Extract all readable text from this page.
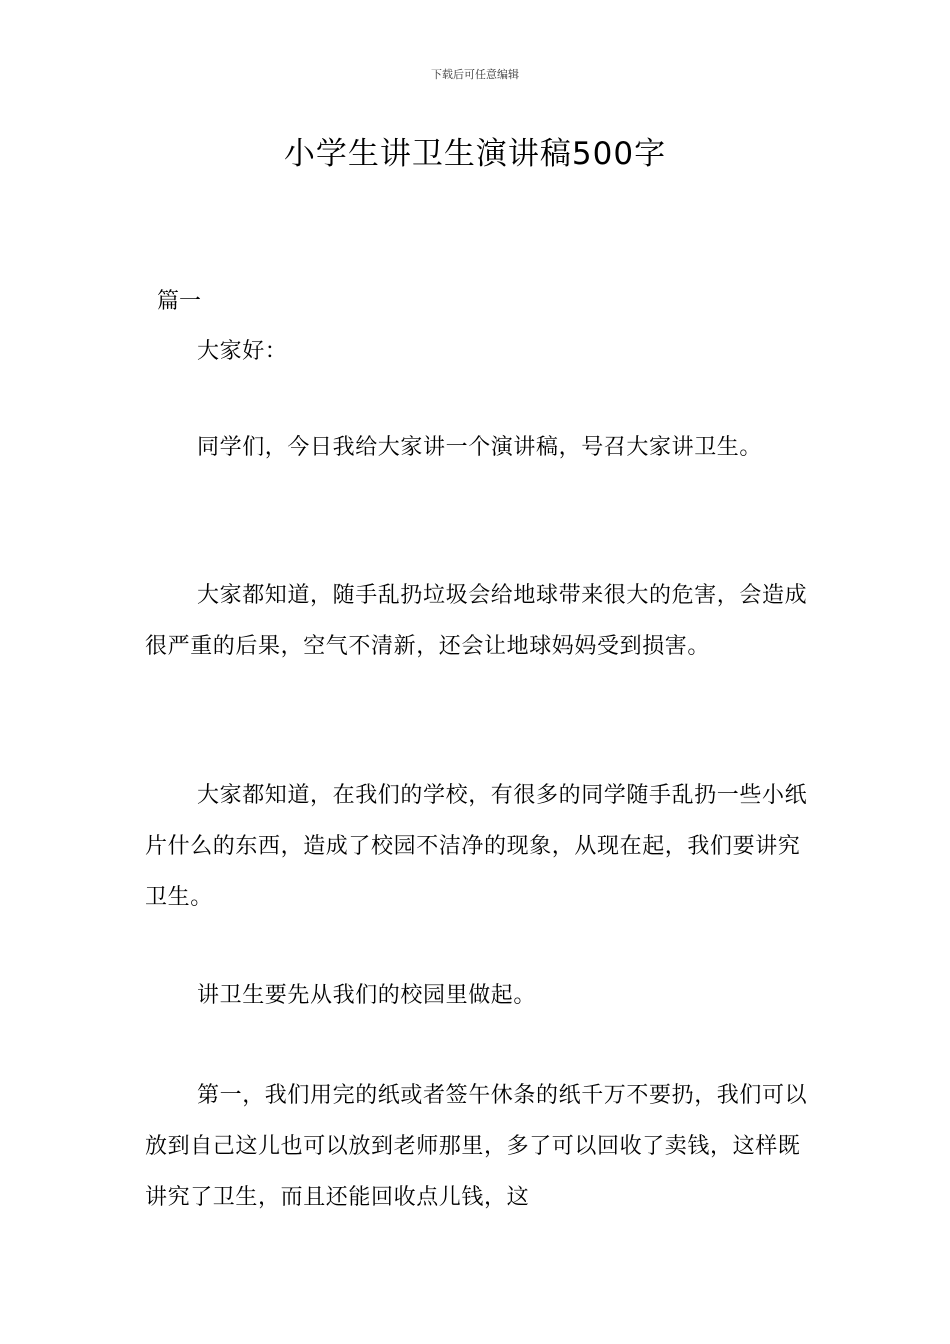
下载后可任意编辑
小学生讲卫生演讲稿500字
篇一
大家好：
同学们，今日我给大家讲一个演讲稿，号召大家讲卫生。
大家都知道，随手乱扔垃圾会给地球带来很大的危害，会造成很严重的后果，空气不清新，还会让地球妈妈受到损害。
大家都知道，在我们的学校，有很多的同学随手乱扔一些小纸片什么的东西，造成了校园不洁净的现象，从现在起，我们要讲究卫生。
讲卫生要先从我们的校园里做起。
第一，我们用完的纸或者签午休条的纸千万不要扔，我们可以放到自己这儿也可以放到老师那里，多了可以回收了卖钱，这样既讲究了卫生，而且还能回收点儿钱，这
